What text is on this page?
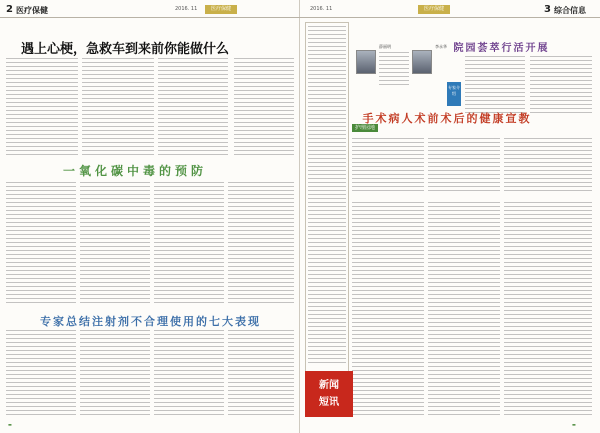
2 医疗保健	2016. 11	医疗保健
遇上心梗，急救车到来前你能做什么
一氧化碳中毒的预防
专家总结注射剂不合理使用的七大表现
▬
2016. 11	医疗保健	3 综合信息
薛丽明	李永华
专家介绍
院园荟萃行活开展
护理园地
手术病人术前术后的健康宣教
新闻
短讯
▬
